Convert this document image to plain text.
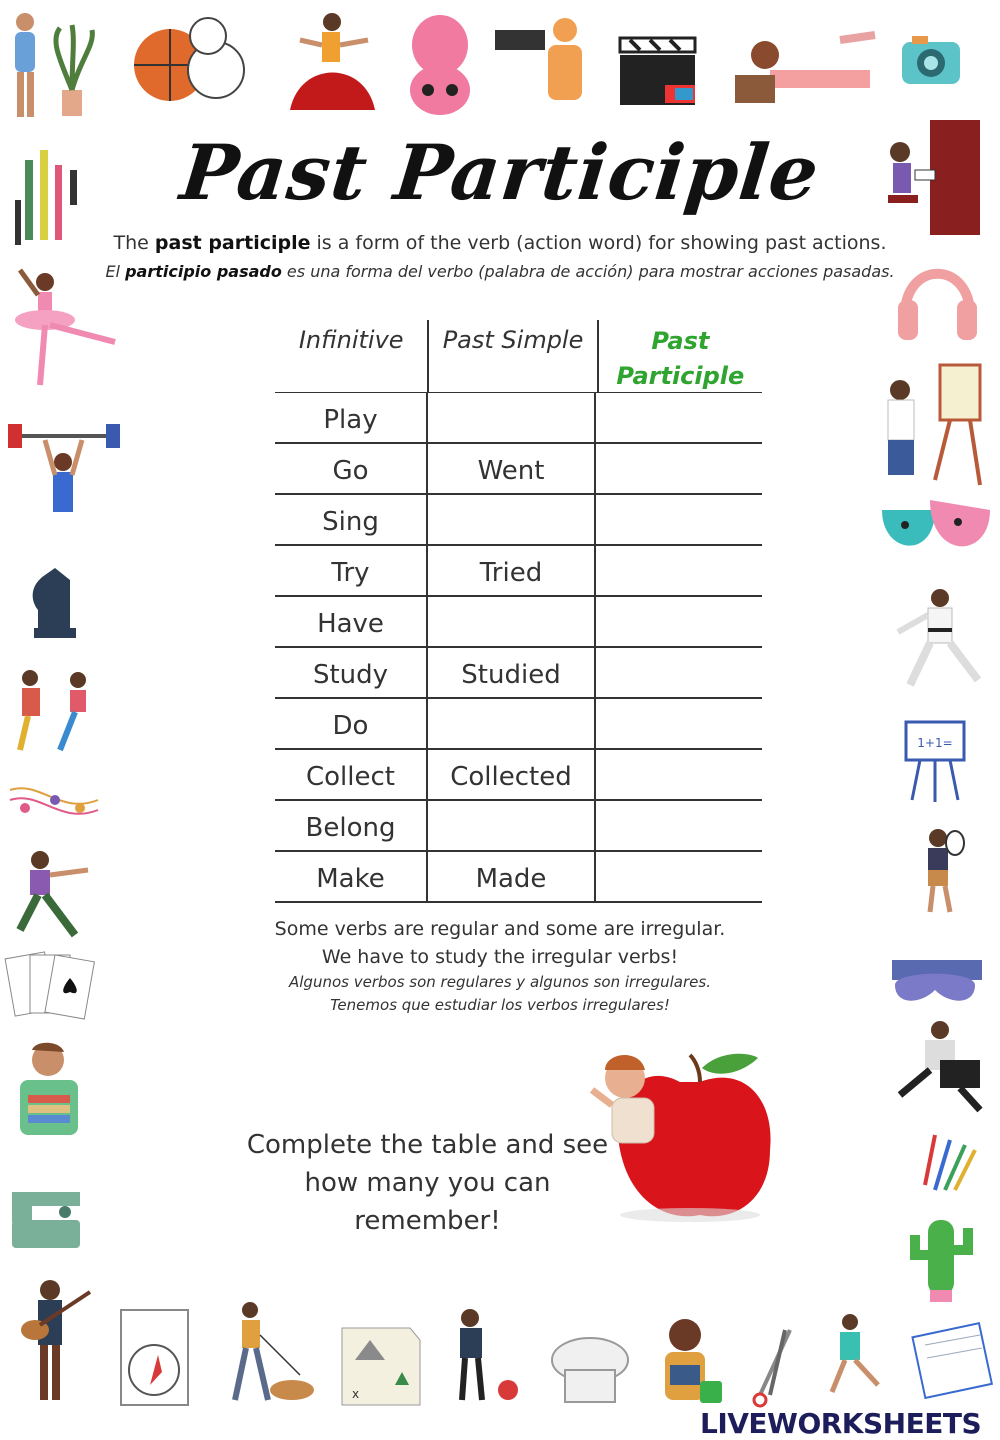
1+1=
x
Past Participle
The past participle is a form of the verb (action word) for showing past actions.
El participio pasado es una forma del verbo (palabra de acción) para mostrar acciones pasadas.
Infinitive	Past Simple	Past Participle
Play
Go	Went
Sing
Try	Tried
Have
Study	Studied
Do
Collect	Collected
Belong
Make	Made
Some verbs are regular and some are irregular.
We have to study the irregular verbs!
Algunos verbos son regulares y algunos son irregulares.
Tenemos que estudiar los verbos irregulares!
Complete the table and see
how many you can remember!
LIVEWORKSHEETS
